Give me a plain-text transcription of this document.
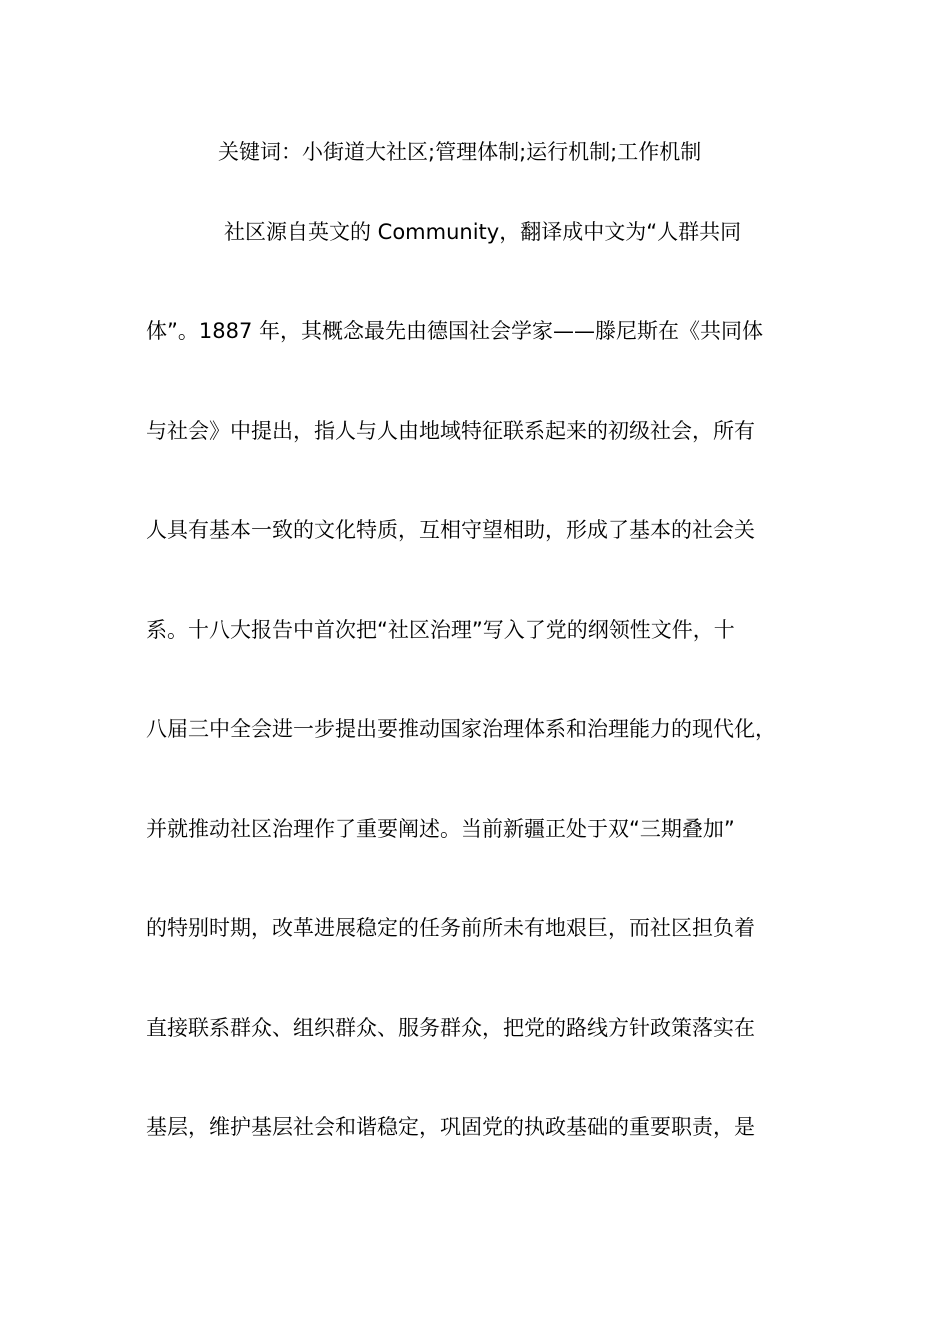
关键词：小街道大社区;管理体制;运行机制;工作机制
社区源自英文的 Community，翻译成中文为“人群共同
体”。1887 年，其概念最先由德国社会学家——滕尼斯在《共同体
与社会》中提出，指人与人由地域特征联系起来的初级社会，所有
人具有基本一致的文化特质，互相守望相助，形成了基本的社会关
系。十八大报告中首次把“社区治理”写入了党的纲领性文件，十
八届三中全会进一步提出要推动国家治理体系和治理能力的现代化，
并就推动社区治理作了重要阐述。当前新疆正处于双“三期叠加”
的特别时期，改革进展稳定的任务前所未有地艰巨，而社区担负着
直接联系群众、组织群众、服务群众，把党的路线方针政策落实在
基层，维护基层社会和谐稳定，巩固党的执政基础的重要职责，是
